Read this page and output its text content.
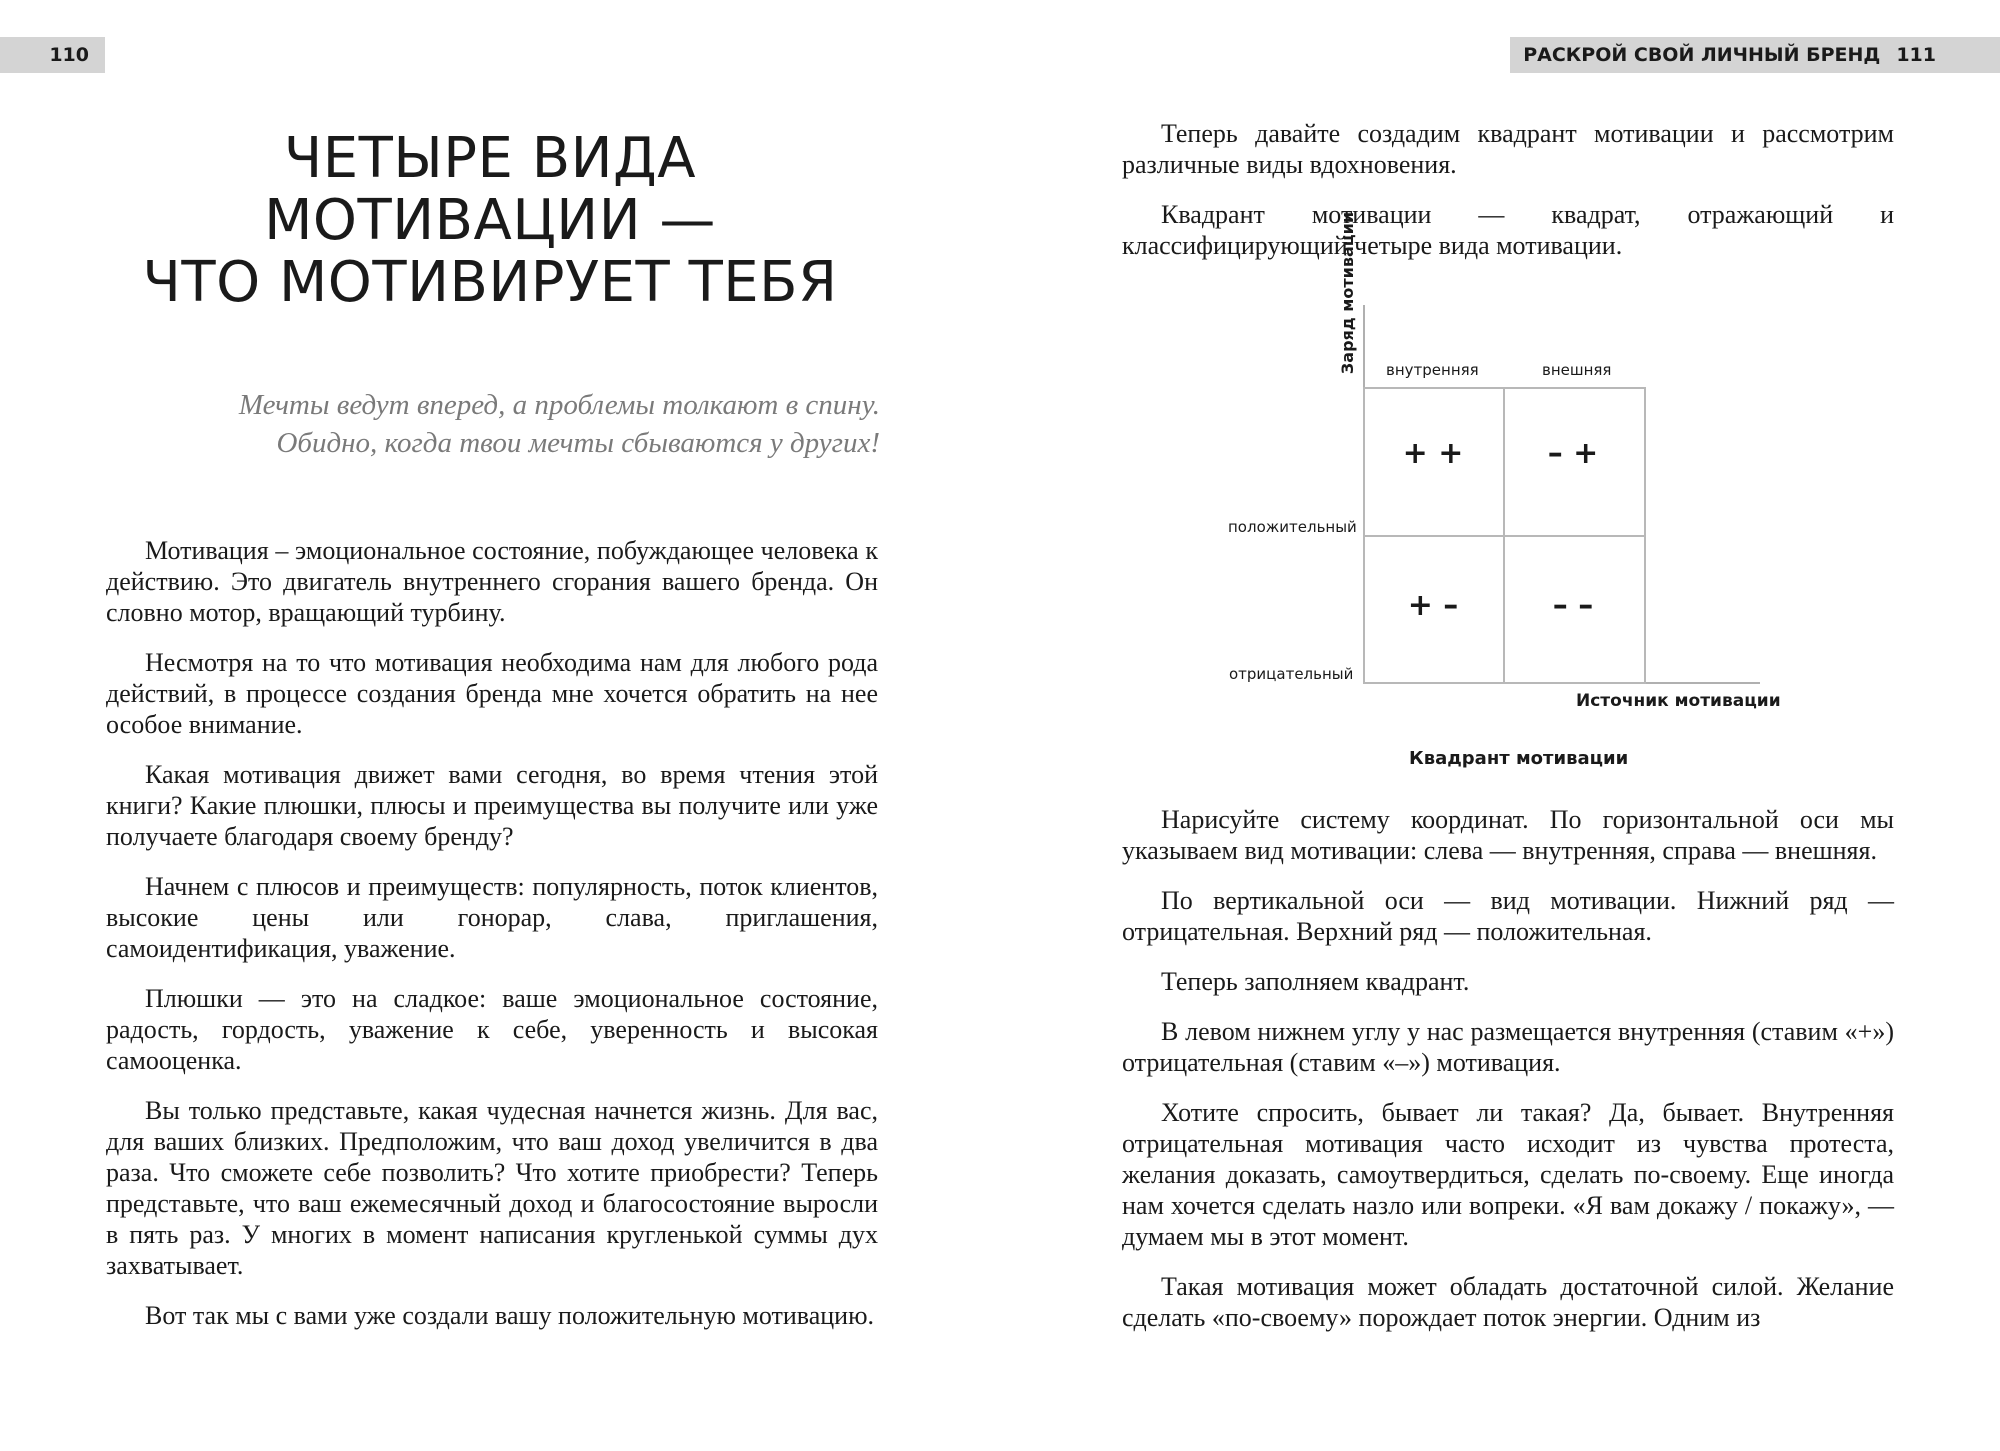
110
ЧЕТЫРЕ ВИДА
МОТИВАЦИИ —
ЧТО МОТИВИРУЕТ ТЕБЯ
Мечты ведут вперед, а проблемы толкают в спину.
Обидно, когда твои мечты сбываются у других!

Мотивация – эмоциональное состояние, побуждающее человека к действию. Это двигатель внутреннего сгорания вашего бренда. Он словно мотор, вращающий турбину.

Несмотря на то что мотивация необходима нам для любого рода действий, в процессе создания бренда мне хочется обратить на нее особое внимание.

Какая мотивация движет вами сегодня, во время чтения этой книги? Какие плюшки, плюсы и преимущества вы получите или уже получаете благодаря своему бренду?

Начнем с плюсов и преимуществ: популярность, поток клиентов, высокие цены или гонорар, слава, приглашения, самоидентификация, уважение.

Плюшки — это на сладкое: ваше эмоциональное состояние, радость, гордость, уважение к себе, уверенность и высокая самооценка.

Вы только представьте, какая чудесная начнется жизнь. Для вас, для ваших близких. Предположим, что ваш доход увеличится в два раза. Что сможете себе позволить? Что хотите приобрести? Теперь представьте, что ваш ежемесячный доход и благосостояние выросли в пять раз. У многих в момент написания кругленькой суммы дух захватывает.

Вот так мы с вами уже создали вашу положительную мотивацию.

РАСКРОЙ СВОЙ ЛИЧНЫЙ БРЕНД 111

Теперь давайте создадим квадрант мотивации и рассмотрим различные виды вдохновения.

Квадрант мотивации — квадрат, отражающий и классифицирующий четыре вида мотивации.

Заряд мотивации внутренняя	внешняя
положительный
отрицательный
+ +	– +
+ –	– –
Источник мотивации
Квадрант мотивации

Нарисуйте систему координат. По горизонтальной оси мы указываем вид мотивации: слева — внутренняя, справа — внешняя.

По вертикальной оси — вид мотивации. Нижний ряд — отрицательная. Верхний ряд — положительная.

Теперь заполняем квадрант.

В левом нижнем углу у нас размещается внутренняя (ставим «+») отрицательная (ставим «–») мотивация.

Хотите спросить, бывает ли такая? Да, бывает. Внутренняя отрицательная мотивация часто исходит из чувства протеста, желания доказать, самоутвердиться, сделать по-своему. Еще иногда нам хочется сделать назло или вопреки. «Я вам докажу / покажу», — думаем мы в этот момент.

Такая мотивация может обладать достаточной силой. Желание сделать «по-своему» порождает поток энергии. Одним из
